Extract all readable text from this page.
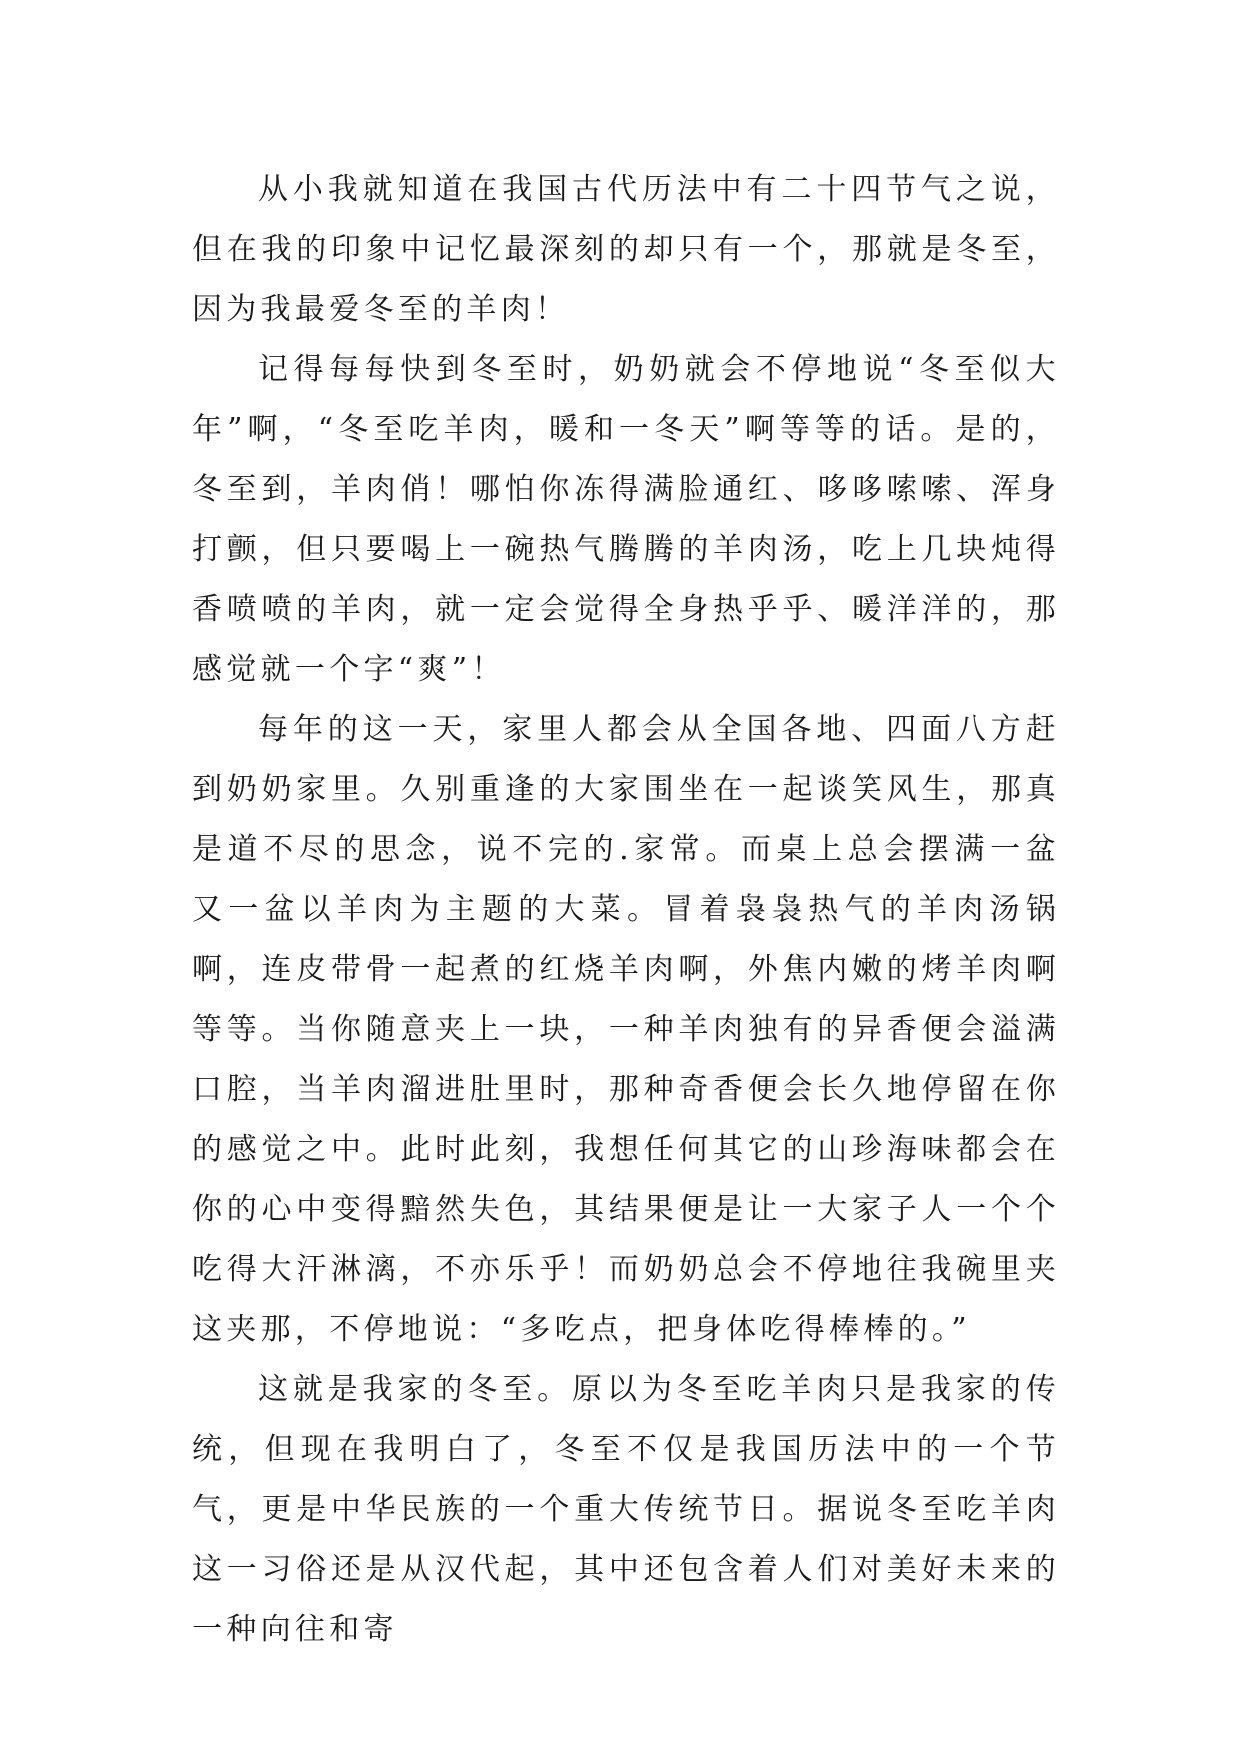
从小我就知道在我国古代历法中有二十四节气之说，但在我的印象中记忆最深刻的却只有一个，那就是冬至，因为我最爱冬至的羊肉！

记得每每快到冬至时，奶奶就会不停地说“冬至似大年”啊，“冬至吃羊肉，暖和一冬天”啊等等的话。是的，冬至到，羊肉俏！哪怕你冻得满脸通红、哆哆嗦嗦、浑身打颤，但只要喝上一碗热气腾腾的羊肉汤，吃上几块炖得香喷喷的羊肉，就一定会觉得全身热乎乎、暖洋洋的，那感觉就一个字“爽”！

每年的这一天，家里人都会从全国各地、四面八方赶到奶奶家里。久别重逢的大家围坐在一起谈笑风生，那真是道不尽的思念，说不完的.家常。而桌上总会摆满一盆又一盆以羊肉为主题的大菜。冒着袅袅热气的羊肉汤锅啊，连皮带骨一起煮的红烧羊肉啊，外焦内嫩的烤羊肉啊等等。当你随意夹上一块，一种羊肉独有的异香便会溢满口腔，当羊肉溜进肚里时，那种奇香便会长久地停留在你的感觉之中。此时此刻，我想任何其它的山珍海味都会在你的心中变得黯然失色，其结果便是让一大家子人一个个吃得大汗淋漓，不亦乐乎！而奶奶总会不停地往我碗里夹这夹那，不停地说：“多吃点，把身体吃得棒棒的。”

这就是我家的冬至。原以为冬至吃羊肉只是我家的传统，但现在我明白了，冬至不仅是我国历法中的一个节气，更是中华民族的一个重大传统节日。据说冬至吃羊肉这一习俗还是从汉代起，其中还包含着人们对美好未来的一种向往和寄
